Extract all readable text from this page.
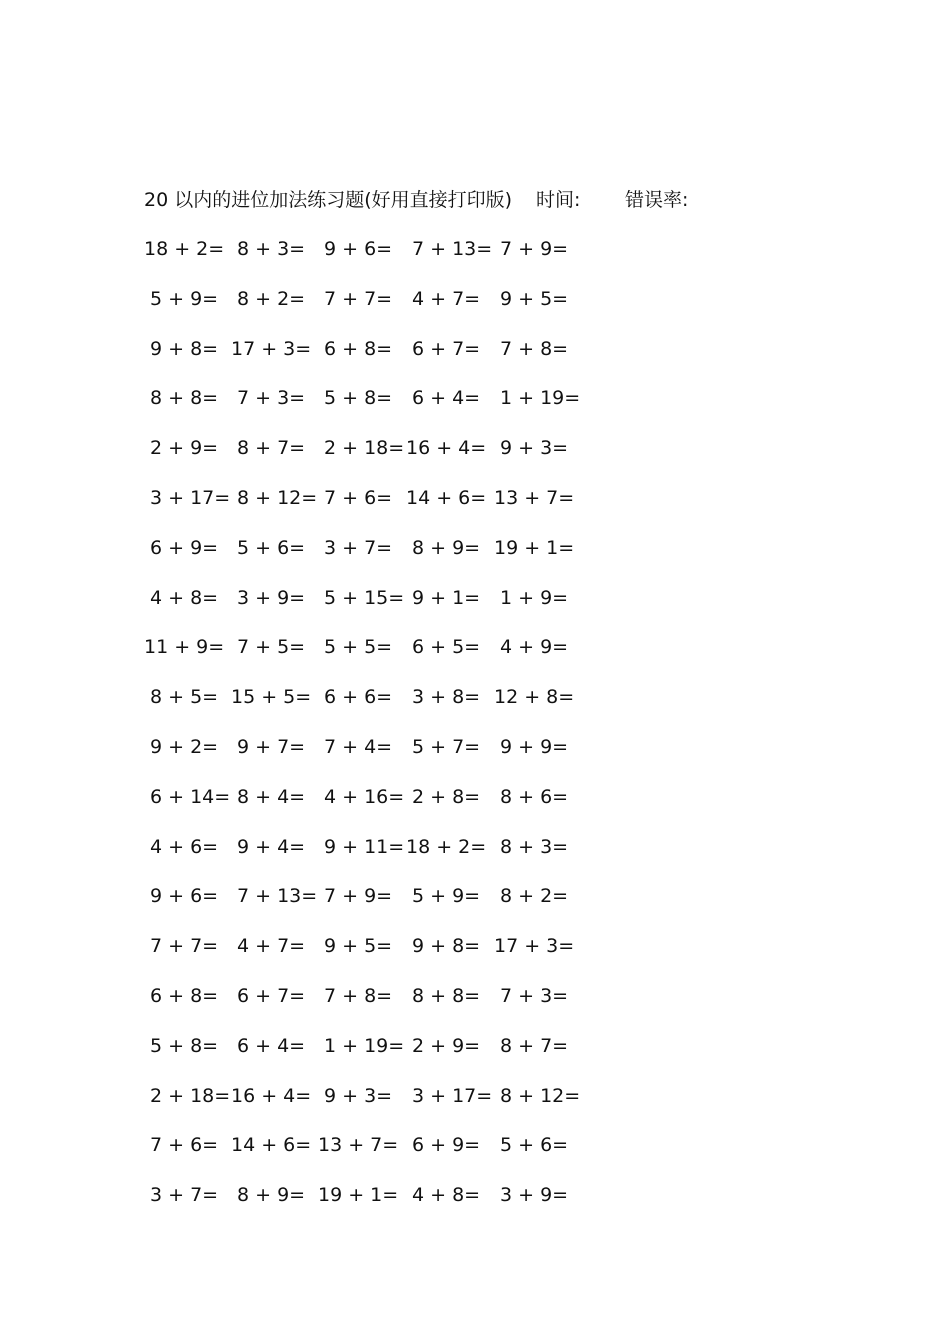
20 以内的进位加法练习题(好用直接打印版) 时间: 错误率:
18 + 2= 8 + 3= 9 + 6=	7 + 13= 7 + 9=
5 + 9= 8 + 2= 7 + 7=	4 + 7=	9 + 5=
9 + 8= 17 + 3= 6 + 8=	6 + 7=	7 + 8=
8 + 8= 7 + 3= 5 + 8=	6 + 4=	1 + 19=
2 + 9= 8 + 7= 2 + 18= 16 + 4= 9 + 3=
3 + 17= 8 + 12= 7 + 6= 14 + 6= 13 + 7=
6 + 9= 5 + 6= 3 + 7=	8 + 9= 19 + 1=
4 + 8= 3 + 9= 5 + 15= 9 + 1=	1 + 9=
11 + 9= 7 + 5= 5 + 5=	6 + 5=	4 + 9=
8 + 5= 15 + 5= 6 + 6=	3 + 8= 12 + 8=
9 + 2= 9 + 7= 7 + 4=	5 + 7=	9 + 9=
6 + 14= 8 + 4= 4 + 16= 2 + 8=	8 + 6=
4 + 6= 9 + 4= 9 + 11= 18 + 2= 8 + 3=
9 + 6= 7 + 13= 7 + 9=	5 + 9=	8 + 2=
7 + 7= 4 + 7= 9 + 5=	9 + 8= 17 + 3=
6 + 8= 6 + 7= 7 + 8=	8 + 8=	7 + 3=
5 + 8= 6 + 4= 1 + 19= 2 + 9=	8 + 7=
2 + 18= 16 + 4= 9 + 3=	3 + 17= 8 + 12=
7 + 6= 14 + 6= 13 + 7= 6 + 9=	5 + 6=
3 + 7= 8 + 9= 19 + 1= 4 + 8=	3 + 9=
